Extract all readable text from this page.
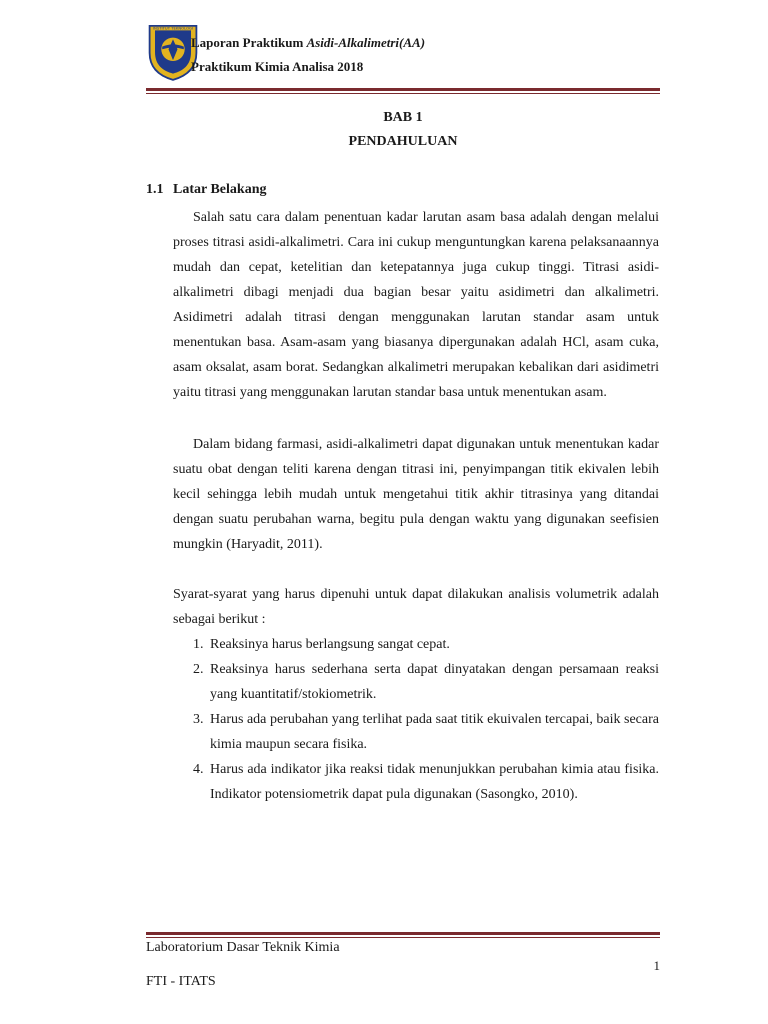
INSTITUT TEKNOLOGI
Laporan Praktikum Asidi-Alkalimetri(AA)
Praktikum Kimia Analisa 2018
BAB 1
PENDAHULUAN
1.1 Latar Belakang

Salah satu cara dalam penentuan kadar larutan asam basa adalah dengan melalui proses titrasi asidi-alkalimetri. Cara ini cukup menguntungkan karena pelaksanaannya mudah dan cepat, ketelitian dan ketepatannya juga cukup tinggi. Titrasi asidi-alkalimetri dibagi menjadi dua bagian besar yaitu asidimetri dan alkalimetri. Asidimetri adalah titrasi dengan menggunakan larutan standar asam untuk menentukan basa. Asam-asam yang biasanya dipergunakan adalah HCl, asam cuka, asam oksalat, asam borat. Sedangkan alkalimetri merupakan kebalikan dari asidimetri yaitu titrasi yang menggunakan larutan standar basa untuk menentukan asam.

Dalam bidang farmasi, asidi-alkalimetri dapat digunakan untuk menentukan kadar suatu obat dengan teliti karena dengan titrasi ini, penyimpangan titik ekivalen lebih kecil sehingga lebih mudah untuk mengetahui titik akhir titrasinya yang ditandai dengan suatu perubahan warna, begitu pula dengan waktu yang digunakan seefisien mungkin (Haryadit, 2011).

Syarat-syarat yang harus dipenuhi untuk dapat dilakukan analisis volumetrik adalah sebagai berikut :

1. Reaksinya harus berlangsung sangat cepat.
2. Reaksinya harus sederhana serta dapat dinyatakan dengan persamaan reaksi yang kuantitatif/stokiometrik.
3. Harus ada perubahan yang terlihat pada saat titik ekuivalen tercapai, baik secara kimia maupun secara fisika.
4. Harus ada indikator jika reaksi tidak menunjukkan perubahan kimia atau fisika. Indikator potensiometrik dapat pula digunakan (Sasongko, 2010).
Laboratorium Dasar Teknik Kimia
1
FTI - ITATS
